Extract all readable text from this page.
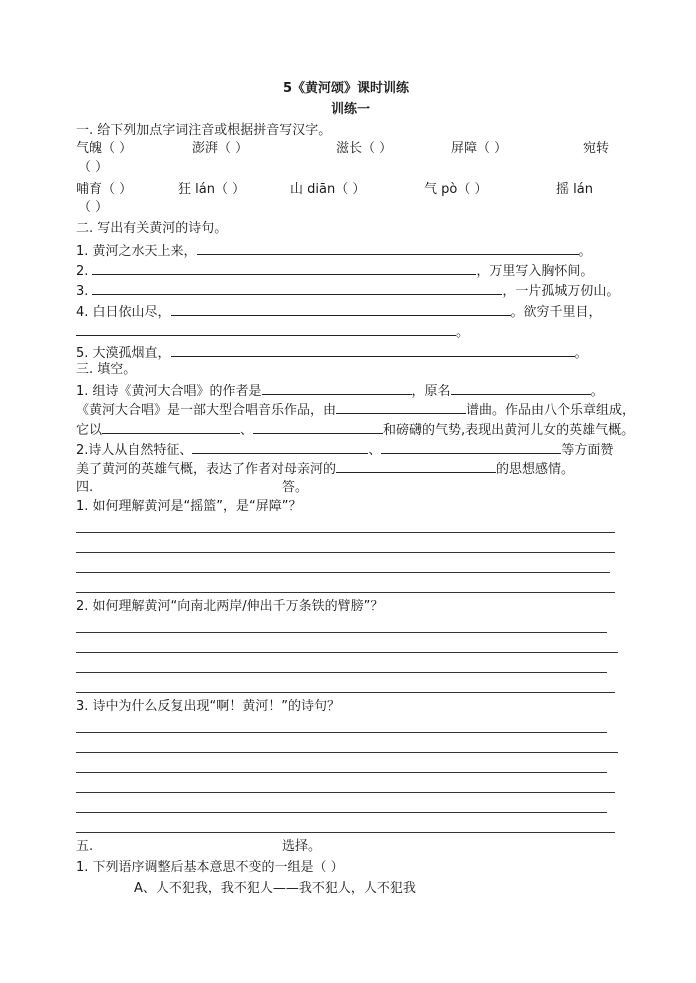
5《黄河颂》课时训练
训练一
一. 给下列加点字词注音或根据拼音写汉字。
气魄（ ）	澎湃（ ）	滋长（ ）	屏障（ ）	宛转
（ ）
哺育（ ）	狂 lán（ ）	山 diān（ ）	气 pò（ ）	摇 lán
（ ）
二. 写出有关黄河的诗句。
1. 黄河之水天上来，	。
2.	，万里写入胸怀间。
3.	，一片孤城万仞山。
4. 白日依山尽，	。欲穷千里目，
。
5. 大漠孤烟直，	。
三. 填空。
1. 组诗《黄河大合唱》的作者是	，原名	。
《黄河大合唱》是一部大型合唱音乐作品，由	谱曲。作品由八个乐章组成，
它以	、	和磅礴的气势,表现出黄河儿女的英雄气概。
2.诗人从自然特征、	、	等方面赞
美了黄河的英雄气概，表达了作者对母亲河的	的思想感情。
四.	答。
1. 如何理解黄河是“摇篮”，是“屏障”？
2. 如何理解黄河“向南北两岸/伸出千万条铁的臂膀”？
3. 诗中为什么反复出现“啊！黄河！”的诗句？
五.	选择。
1. 下列语序调整后基本意思不变的一组是（ ）
A、人不犯我，我不犯人——我不犯人，人不犯我
